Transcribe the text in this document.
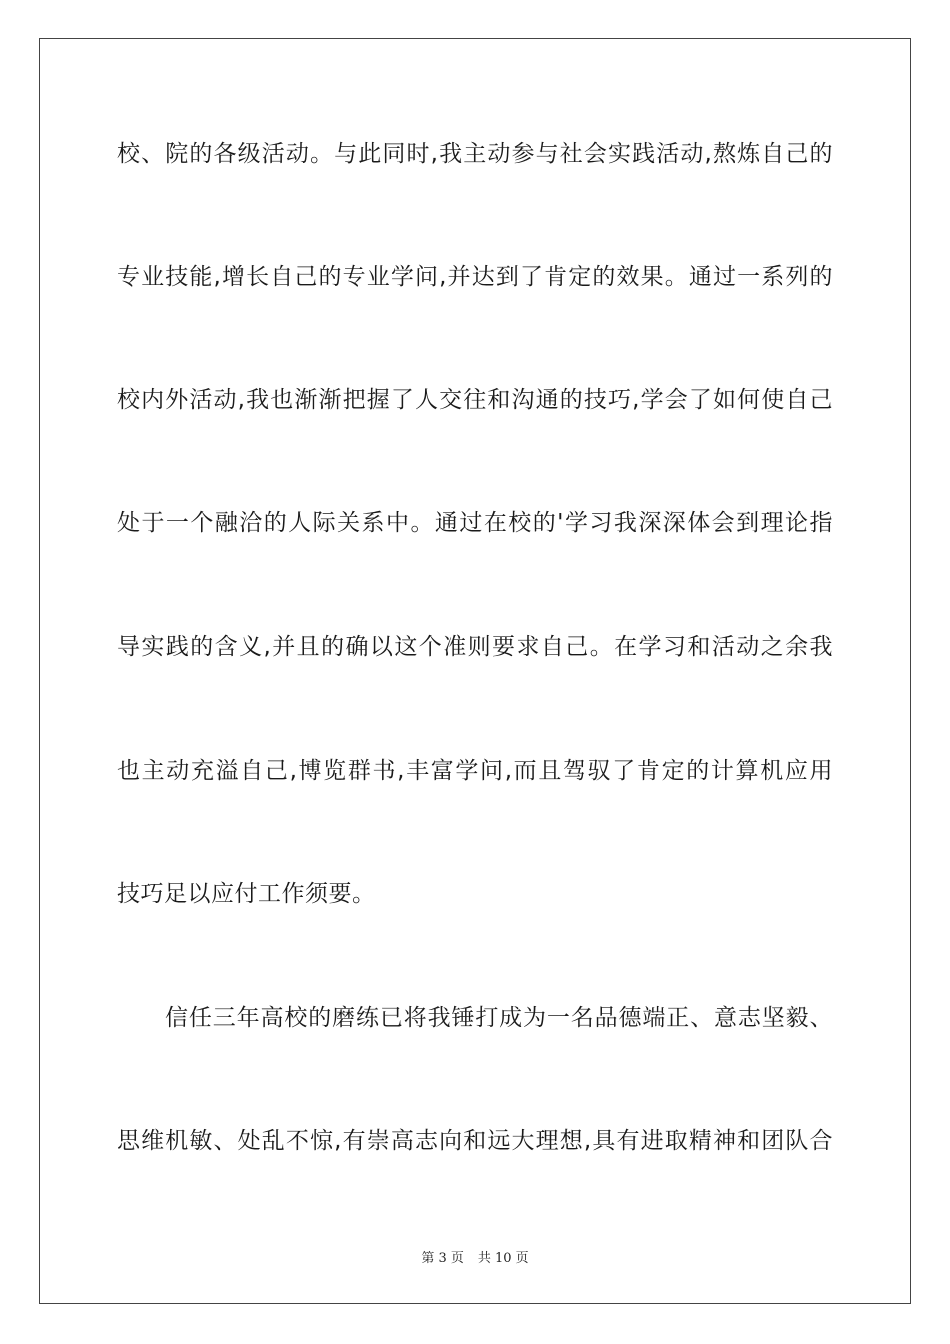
校、院的各级活动。与此同时,我主动参与社会实践活动,熬炼自己的
专业技能,增长自己的专业学问,并达到了肯定的效果。通过一系列的
校内外活动,我也渐渐把握了人交往和沟通的技巧,学会了如何使自己
处于一个融洽的人际关系中。通过在校的'学习我深深体会到理论指
导实践的含义,并且的确以这个准则要求自己。在学习和活动之余我
也主动充溢自己,博览群书,丰富学问,而且驾驭了肯定的计算机应用
技巧足以应付工作须要。
信任三年高校的磨练已将我锤打成为一名品德端正、意志坚毅、
思维机敏、处乱不惊,有崇高志向和远大理想,具有进取精神和团队合
第 3 页 共 10 页
